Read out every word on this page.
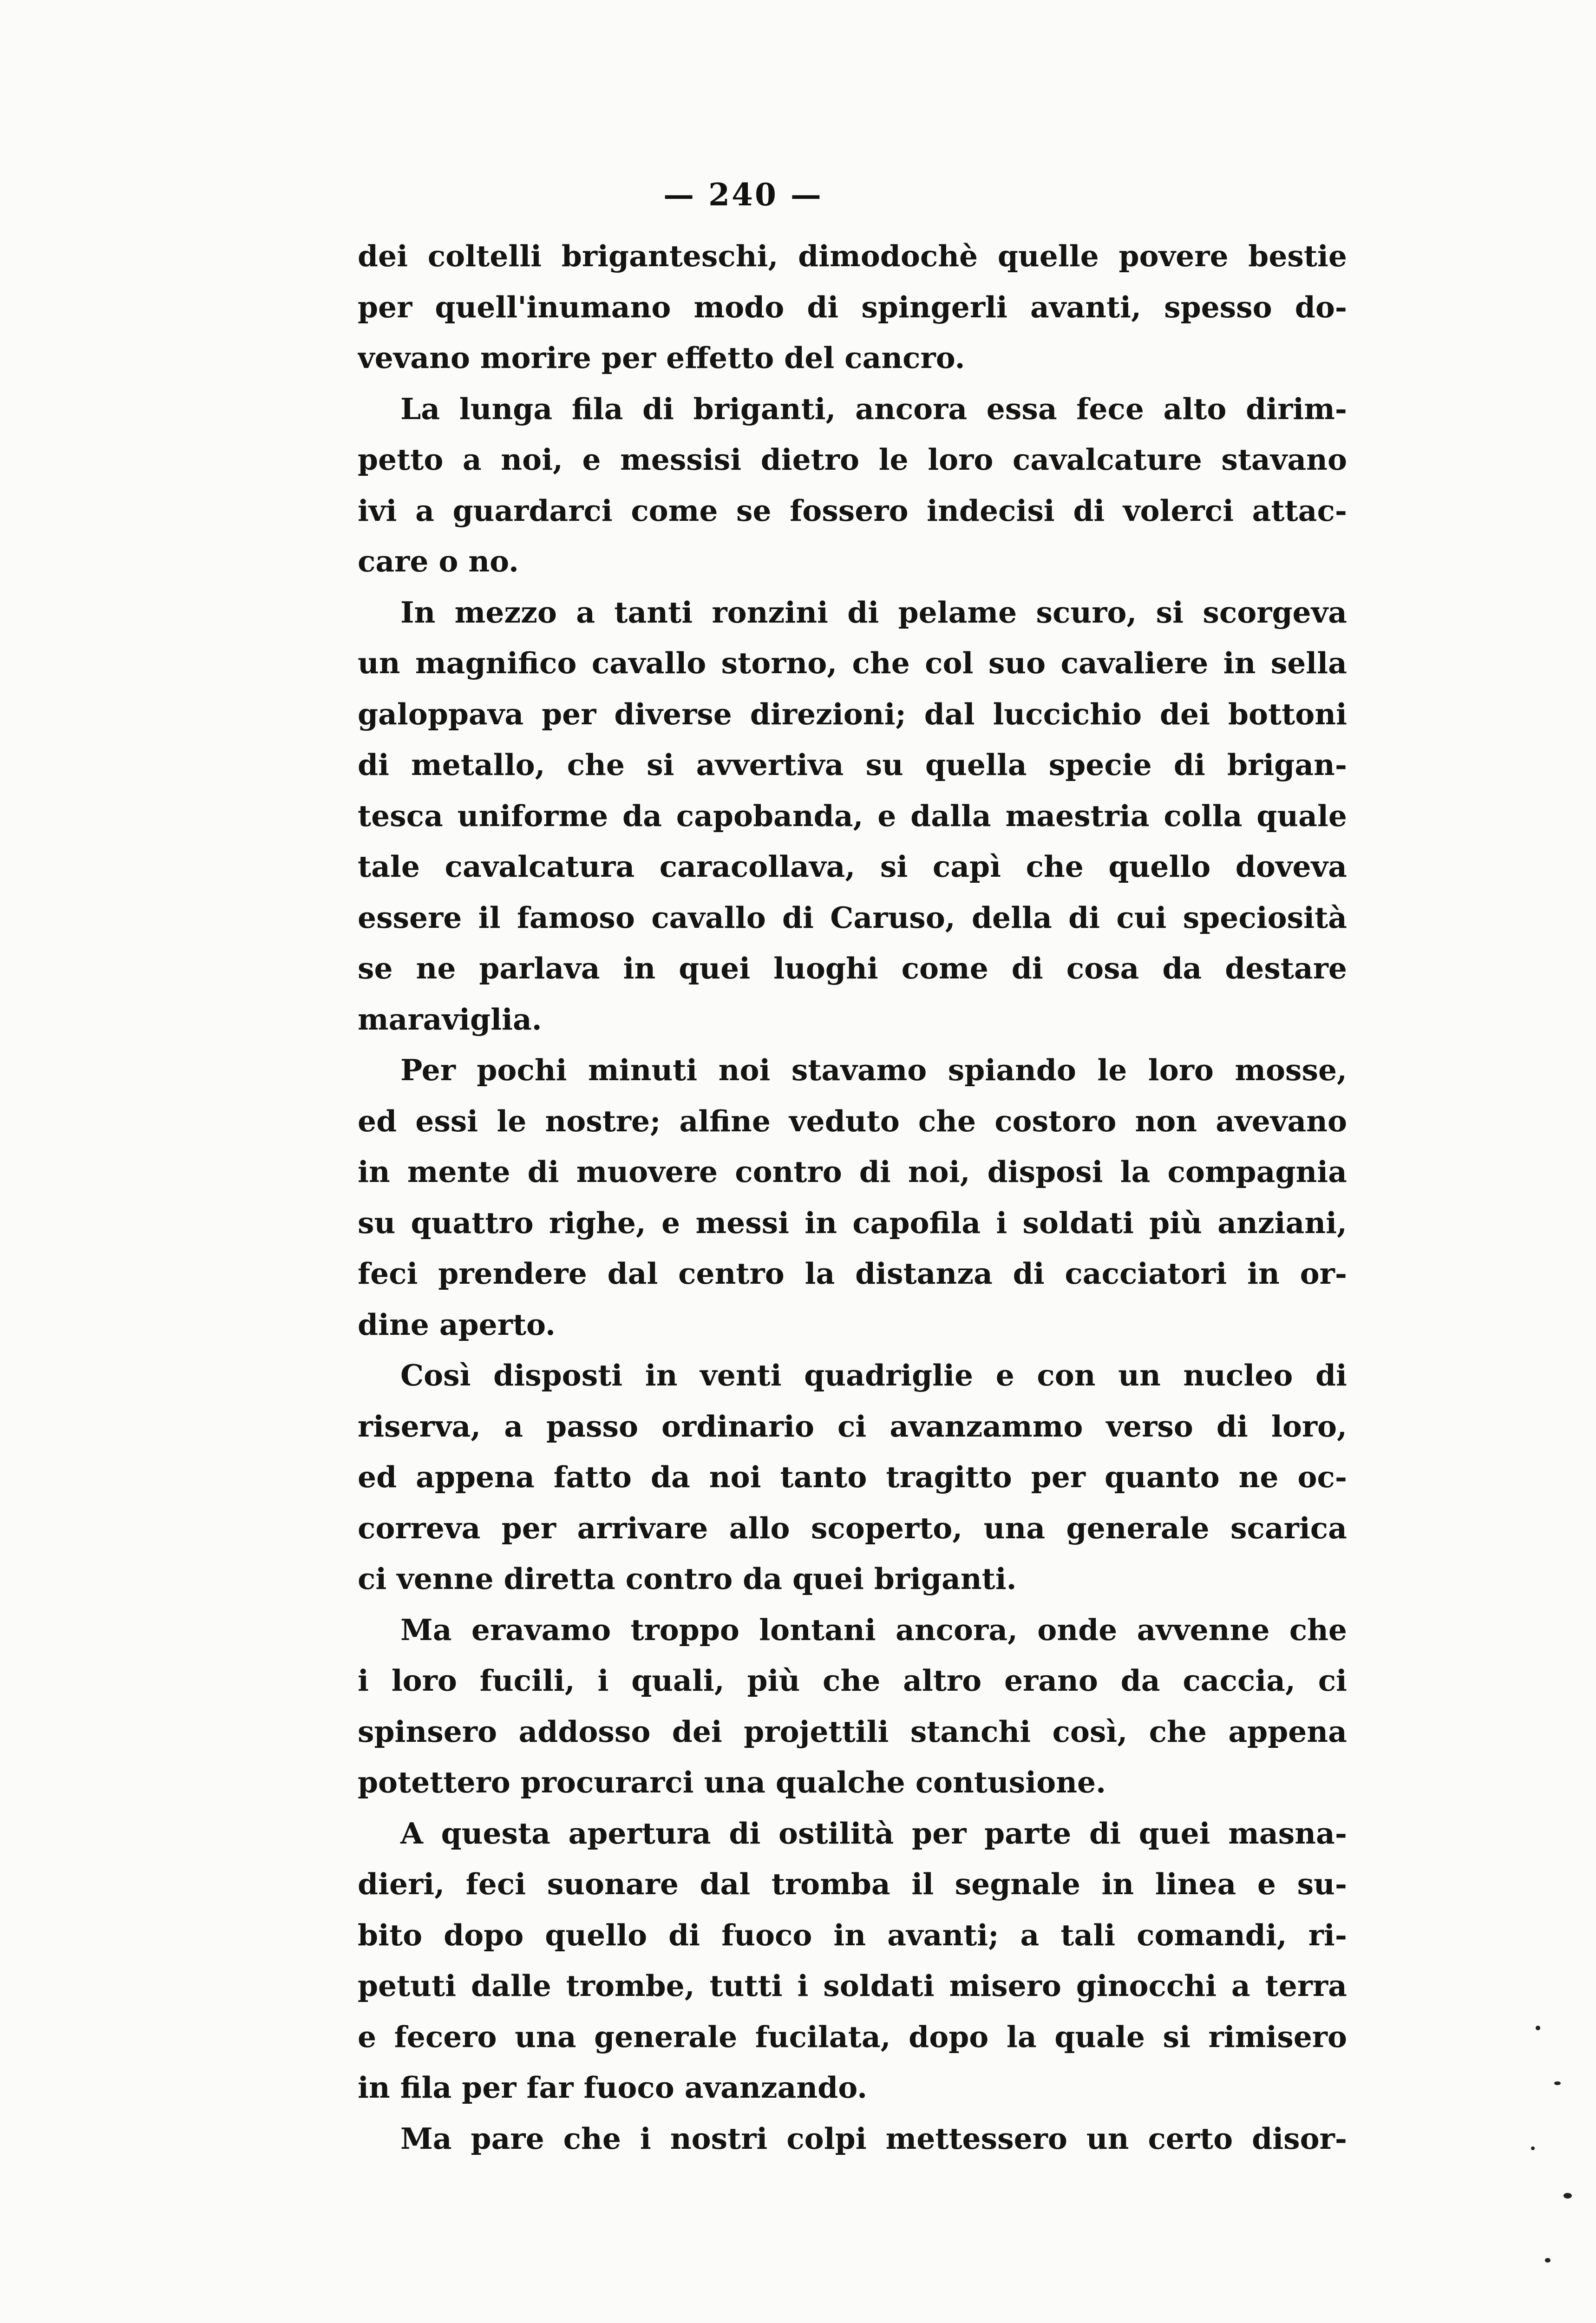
— 240 —
dei coltelli briganteschi, dimodochè quelle povere bestie
per quell'inumano modo di spingerli avanti, spesso do-
vevano morire per effetto del cancro.
La lunga fila di briganti, ancora essa fece alto dirim-
petto a noi, e messisi dietro le loro cavalcature stavano
ivi a guardarci come se fossero indecisi di volerci attac-
care o no.
In mezzo a tanti ronzini di pelame scuro, si scorgeva
un magnifico cavallo storno, che col suo cavaliere in sella
galoppava per diverse direzioni; dal luccichio dei bottoni
di metallo, che si avvertiva su quella specie di brigan-
tesca uniforme da capobanda, e dalla maestria colla quale
tale cavalcatura caracollava, si capì che quello doveva
essere il famoso cavallo di Caruso, della di cui speciosità
se ne parlava in quei luoghi come di cosa da destare
maraviglia.
Per pochi minuti noi stavamo spiando le loro mosse,
ed essi le nostre; alfine veduto che costoro non avevano
in mente di muovere contro di noi, disposi la compagnia
su quattro righe, e messi in capofila i soldati più anziani,
feci prendere dal centro la distanza di cacciatori in or-
dine aperto.
Così disposti in venti quadriglie e con un nucleo di
riserva, a passo ordinario ci avanzammo verso di loro,
ed appena fatto da noi tanto tragitto per quanto ne oc-
correva per arrivare allo scoperto, una generale scarica
ci venne diretta contro da quei briganti.
Ma eravamo troppo lontani ancora, onde avvenne che
i loro fucili, i quali, più che altro erano da caccia, ci
spinsero addosso dei projettili stanchi così, che appena
potettero procurarci una qualche contusione.
A questa apertura di ostilità per parte di quei masna-
dieri, feci suonare dal tromba il segnale in linea e su-
bito dopo quello di fuoco in avanti; a tali comandi, ri-
petuti dalle trombe, tutti i soldati misero ginocchi a terra
e fecero una generale fucilata, dopo la quale si rimisero
in fila per far fuoco avanzando.
Ma pare che i nostri colpi mettessero un certo disor-
